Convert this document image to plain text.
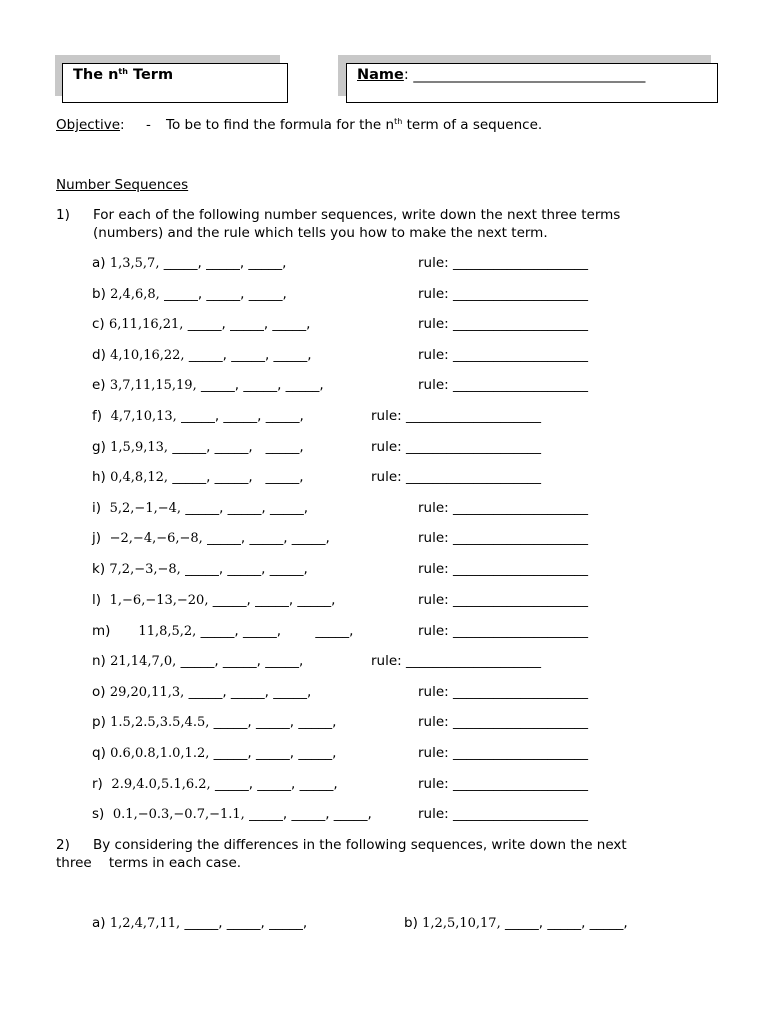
The $n^{th}$ Term	Name: ________________________________
Objective: - To be to find the formula for the $n^{th}$ term of a sequence.
Number Sequences
1) For each of the following number sequences, write down the next three terms
(numbers) and the rule which tells you how to make the next term.
a) 1,3,5,7, _____, _____, _____,	rule: ____________________
b) 2,4,6,8, _____, _____, _____,	rule: ____________________
c) 6,11,16,21, _____, _____, _____,	rule: ____________________
d) 4,10,16,22, _____, _____, _____,	rule: ____________________
e) 3,7,11,15,19, _____, _____, _____,	rule: ____________________
f) 4,7,10,13, _____, _____, _____,	rule: ____________________
g) 1,5,9,13, _____, _____,   _____,	rule: ____________________
h) 0,4,8,12, _____, _____,   _____,	rule: ____________________
i) 5,2,−1,−4, _____, _____, _____,	rule: ____________________
j) −2,−4,−6,−8, _____, _____, _____,	rule: ____________________
k) 7,2,−3,−8, _____, _____, _____,	rule: ____________________
l) 1,−6,−13,−20, _____, _____, _____,	rule: ____________________
m) 11,8,5,2, _____, _____,        _____,	rule: ____________________
n) 21,14,7,0, _____, _____, _____,	rule: ____________________
o) 29,20,11,3, _____, _____, _____,	rule: ____________________
p) 1.5,2.5,3.5,4.5, _____, _____, _____,	rule: ____________________
q) 0.6,0.8,1.0,1.2, _____, _____, _____,	rule: ____________________
r) 2.9,4.0,5.1,6.2, _____, _____, _____,	rule: ____________________
s) 0.1,−0.3,−0.7,−1.1, _____, _____, _____,	rule: ____________________
2) By considering the differences in the following sequences, write down the next
three    terms in each case.
a) 1,2,4,7,11, _____, _____, _____,	b) 1,2,5,10,17, _____, _____, _____,
